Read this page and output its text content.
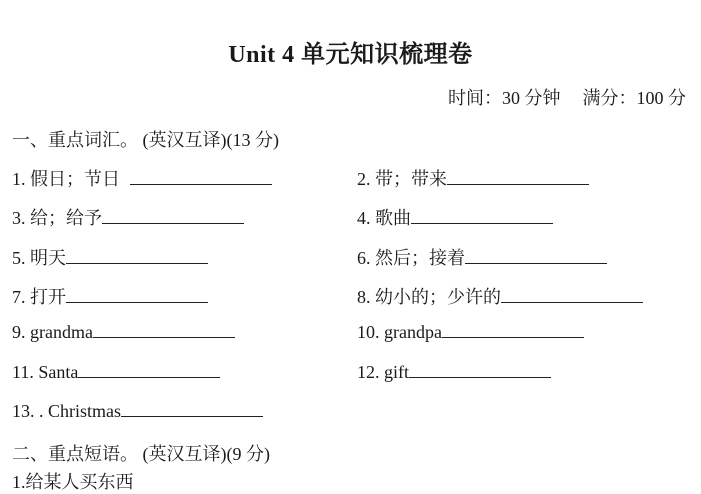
Unit 4 单元知识梳理卷
时间：30 分钟 满分：100 分
一、重点词汇。 (英汉互译)(13 分)
1. 假日；节日	2. 带；带来
3. 给；给予	4. 歌曲
5. 明天	6. 然后；接着
7. 打开	8. 幼小的；少许的
9. grandma	10. grandpa
11. Santa	12. gift
13. . Christmas
二、重点短语。 (英汉互译)(9 分)
1.给某人买东西
